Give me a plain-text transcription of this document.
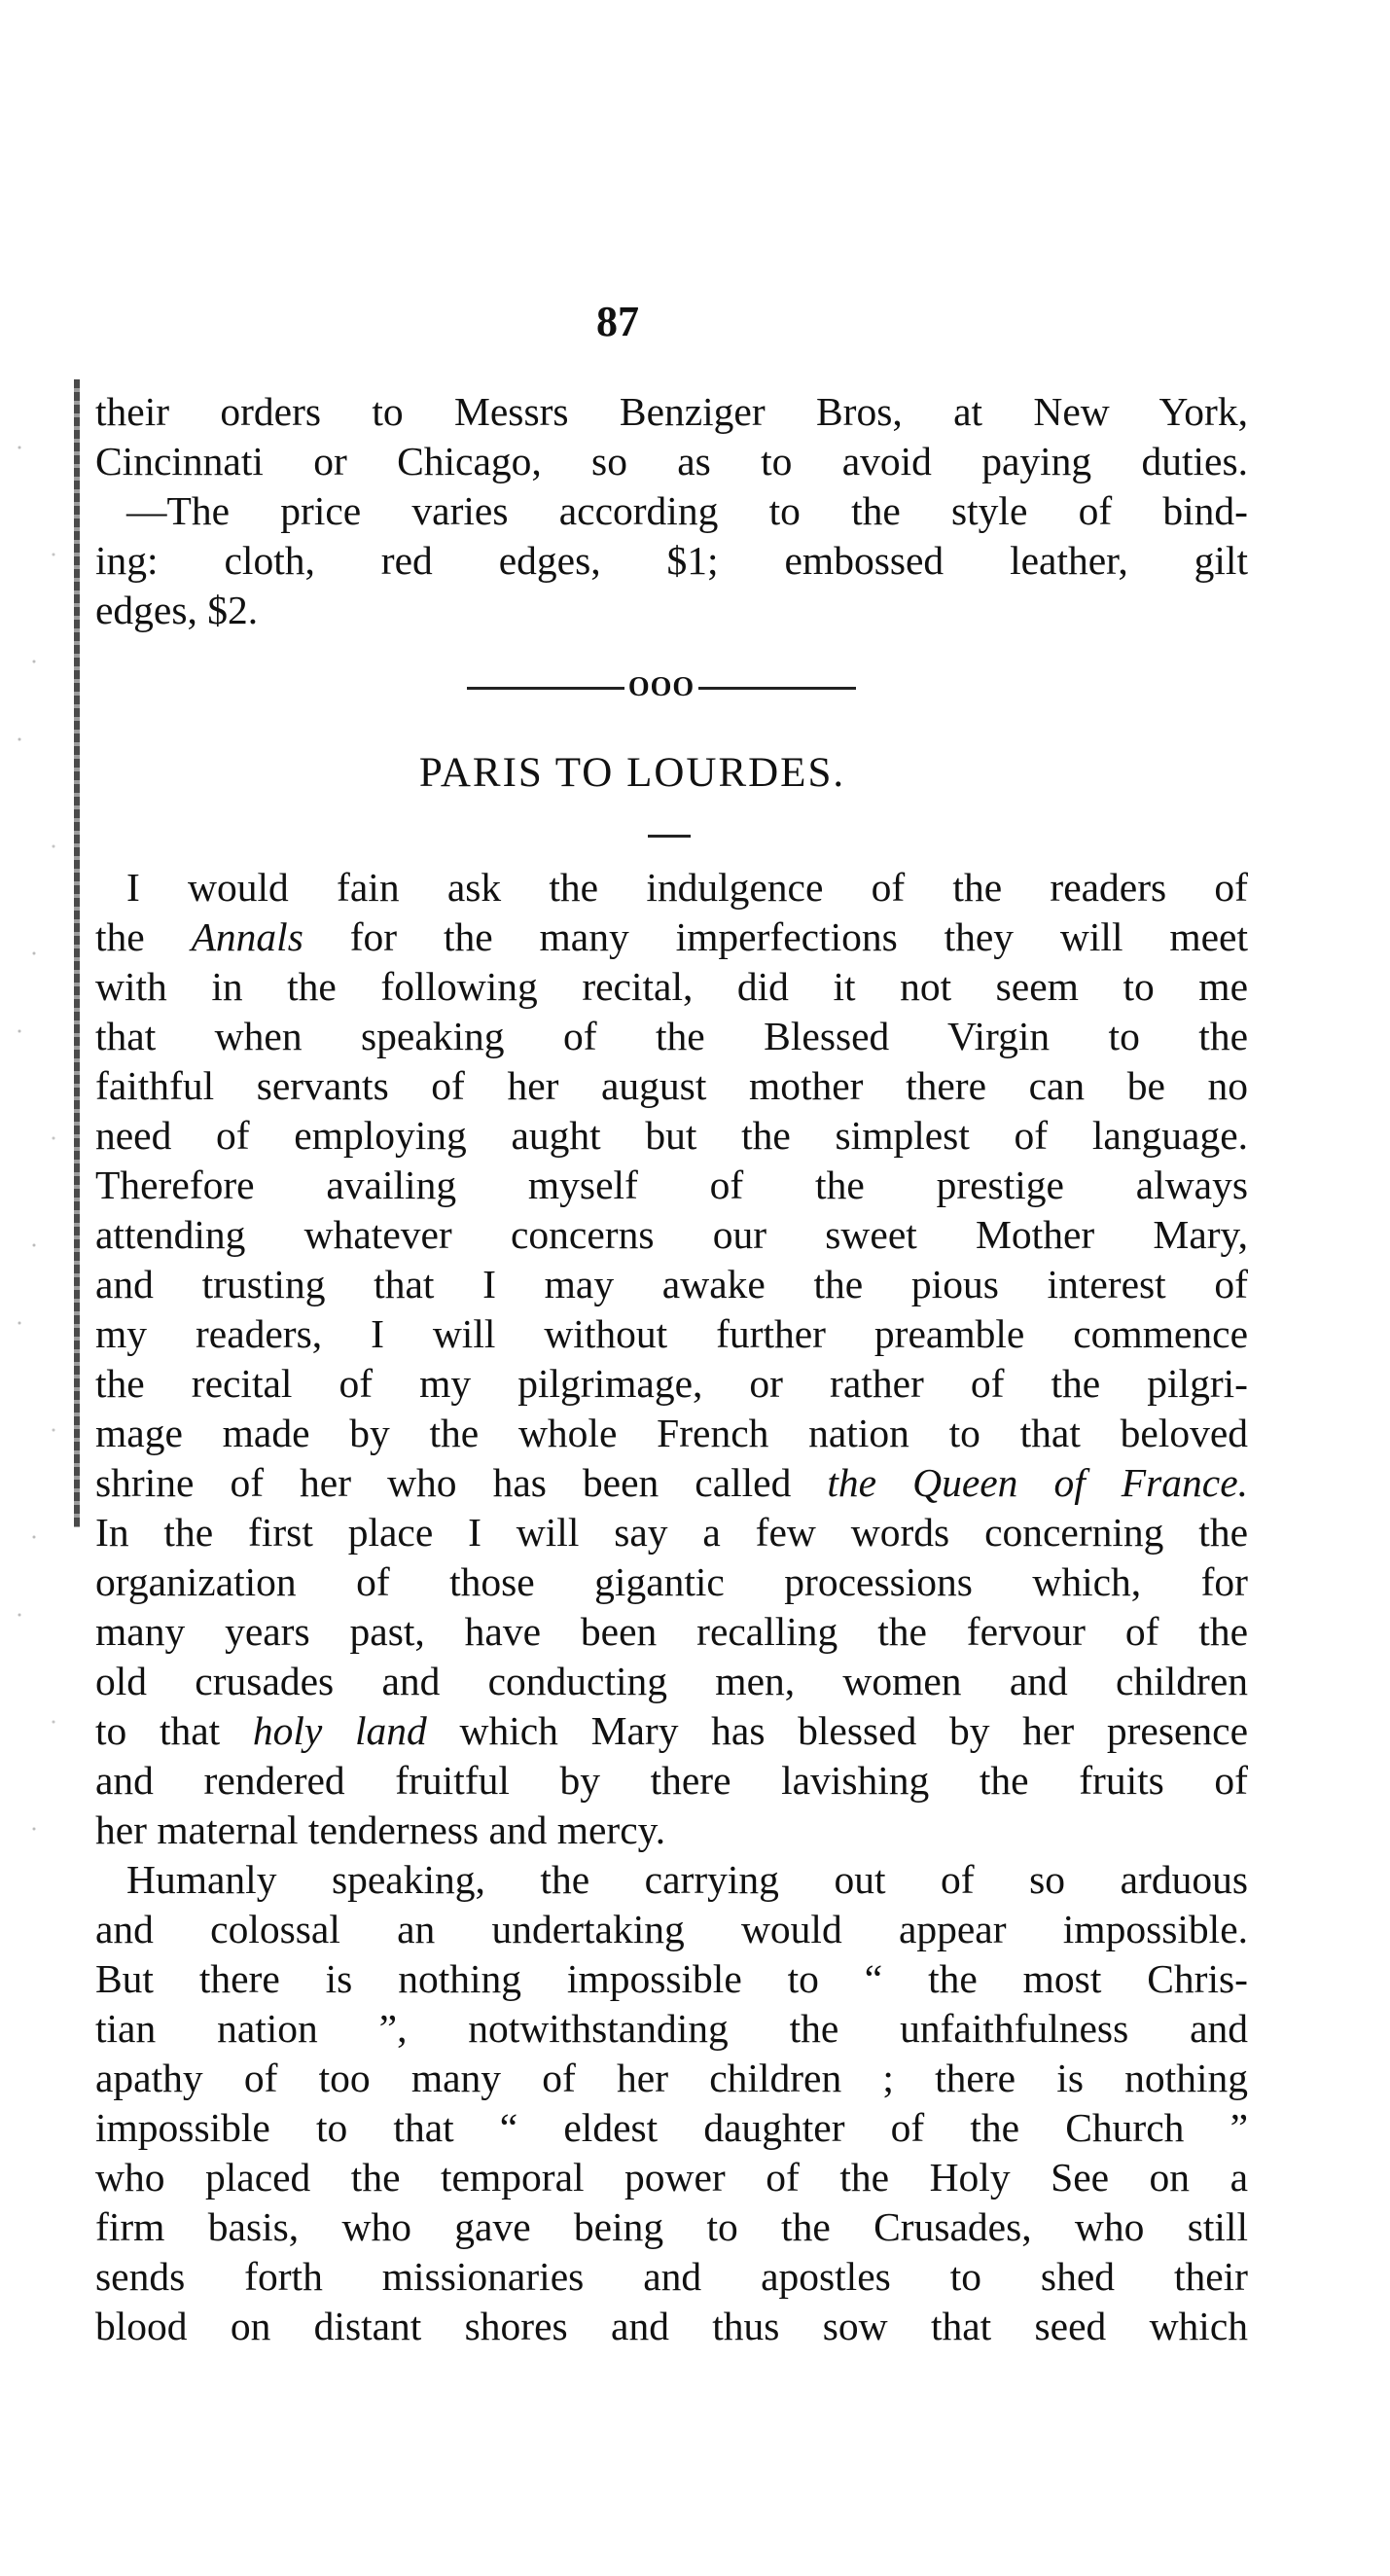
87
their orders to Messrs Benziger Bros, at New York,
Cincinnati or Chicago, so as to avoid paying duties.
—The price varies according to the style of bind-
ing: cloth, red edges, $1; embossed leather, gilt
edges, $2.
OOO
PARIS TO LOURDES.
I would fain ask the indulgence of the readers of
the Annals for the many imperfections they will meet
with in the following recital, did it not seem to me
that when speaking of the Blessed Virgin to the
faithful servants of her august mother there can be no
need of employing aught but the simplest of language.
Therefore availing myself of the prestige always
attending whatever concerns our sweet Mother Mary,
and trusting that I may awake the pious interest of
my readers, I will without further preamble commence
the recital of my pilgrimage, or rather of the pilgri-
mage made by the whole French nation to that beloved
shrine of her who has been called the Queen of France.
In the first place I will say a few words concerning the
organization of those gigantic processions which, for
many years past, have been recalling the fervour of the
old crusades and conducting men, women and children
to that holy land which Mary has blessed by her presence
and rendered fruitful by there lavishing the fruits of
her maternal tenderness and mercy.
Humanly speaking, the carrying out of so arduous
and colossal an undertaking would appear impossible.
But there is nothing impossible to “ the most Chris-
tian nation ”, notwithstanding the unfaithfulness and
apathy of too many of her children ; there is nothing
impossible to that “ eldest daughter of the Church ”
who placed the temporal power of the Holy See on a
firm basis, who gave being to the Crusades, who still
sends forth missionaries and apostles to shed their
blood on distant shores and thus sow that seed which
